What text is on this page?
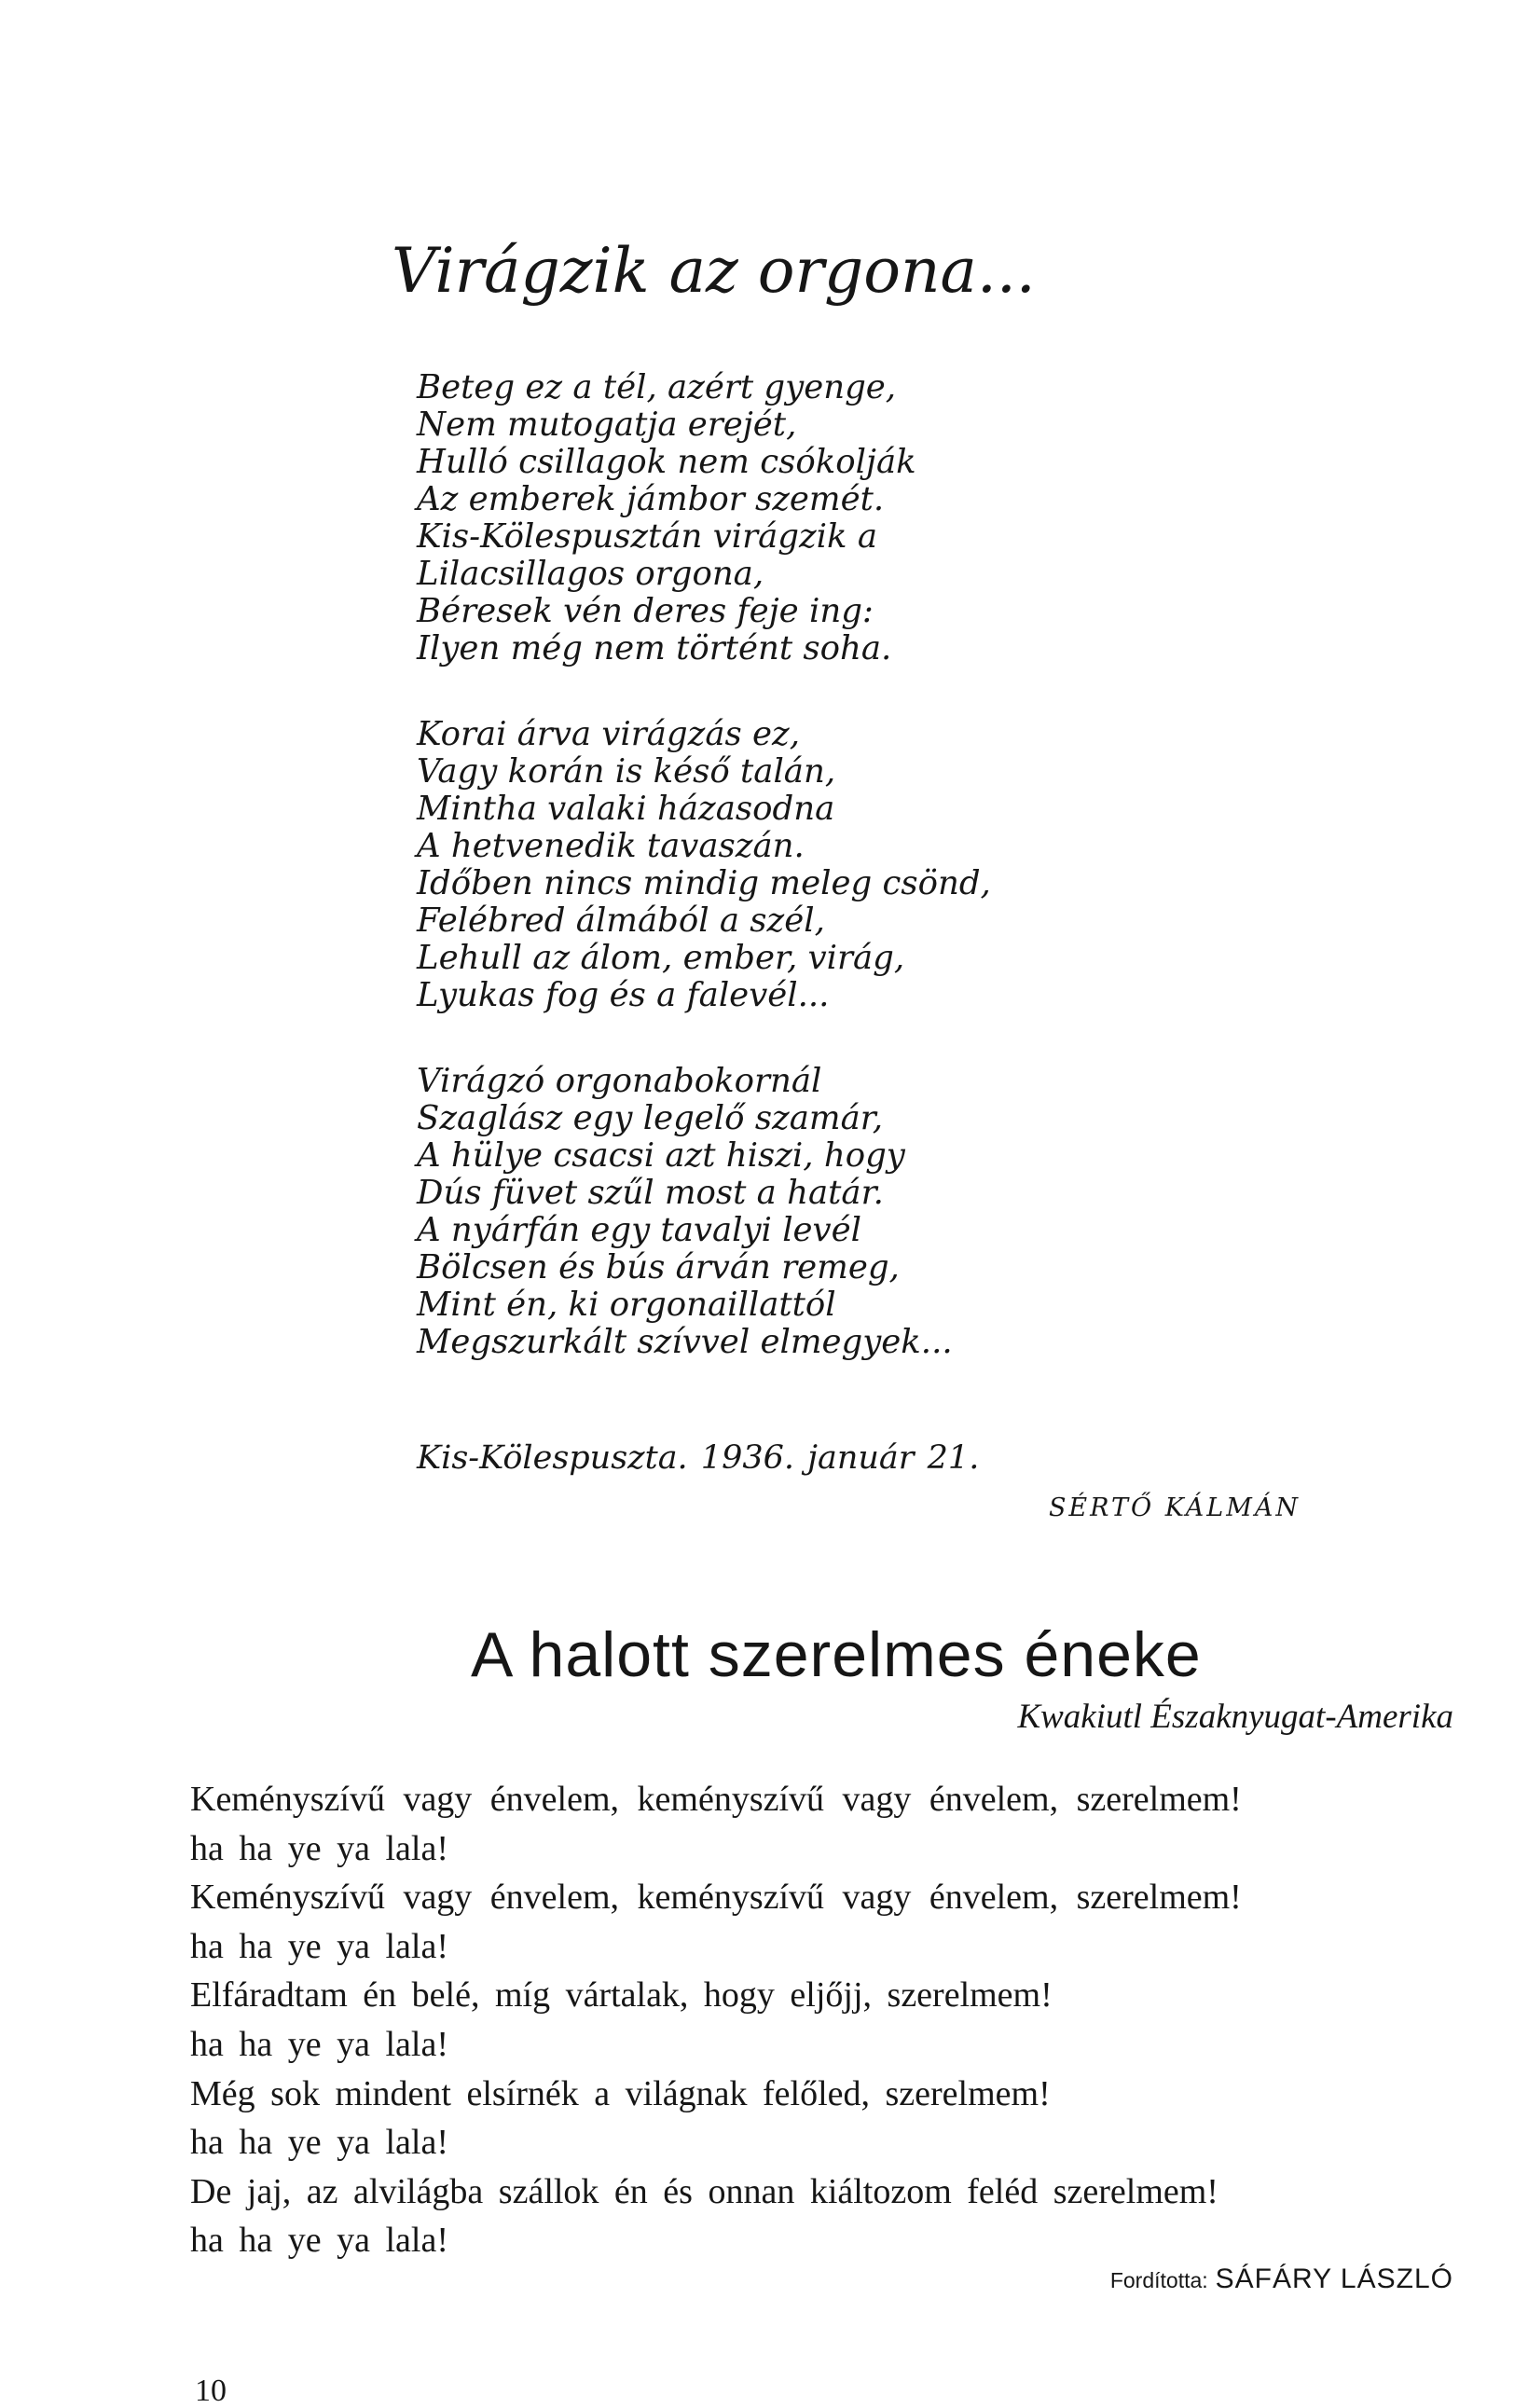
Virágzik az orgona...
Beteg ez a tél, azért gyenge,
Nem mutogatja erejét,
Hulló csillagok nem csókolják
Az emberek jámbor szemét.
Kis-Kölespusztán virágzik a
Lilacsillagos orgona,
Béresek vén deres feje ing:
Ilyen még nem történt soha.
Korai árva virágzás ez,
Vagy korán is késő talán,
Mintha valaki házasodna
A hetvenedik tavaszán.
Időben nincs mindig meleg csönd,
Felébred álmából a szél,
Lehull az álom, ember, virág,
Lyukas fog és a falevél...
Virágzó orgonabokornál
Szaglász egy legelő szamár,
A hülye csacsi azt hiszi, hogy
Dús füvet szűl most a határ.
A nyárfán egy tavalyi levél
Bölcsen és bús árván remeg,
Mint én, ki orgonaillattól
Megszurkált szívvel elmegyek...
Kis-Kölespuszta. 1936. január 21.
SÉRTŐ KÁLMÁN
A halott szerelmes éneke
Kwakiutl Északnyugat-Amerika
Keményszívű vagy énvelem, keményszívű vagy énvelem, szerelmem!
ha ha ye ya lala!
Keményszívű vagy énvelem, keményszívű vagy énvelem, szerelmem!
ha ha ye ya lala!
Elfáradtam én belé, míg vártalak, hogy eljőjj, szerelmem!
ha ha ye ya lala!
Még sok mindent elsírnék a világnak felőled, szerelmem!
ha ha ye ya lala!
De jaj, az alvilágba szállok én és onnan kiáltozom feléd szerelmem!
ha ha ye ya lala!
Fordította: SÁFÁRY LÁSZLÓ
10
